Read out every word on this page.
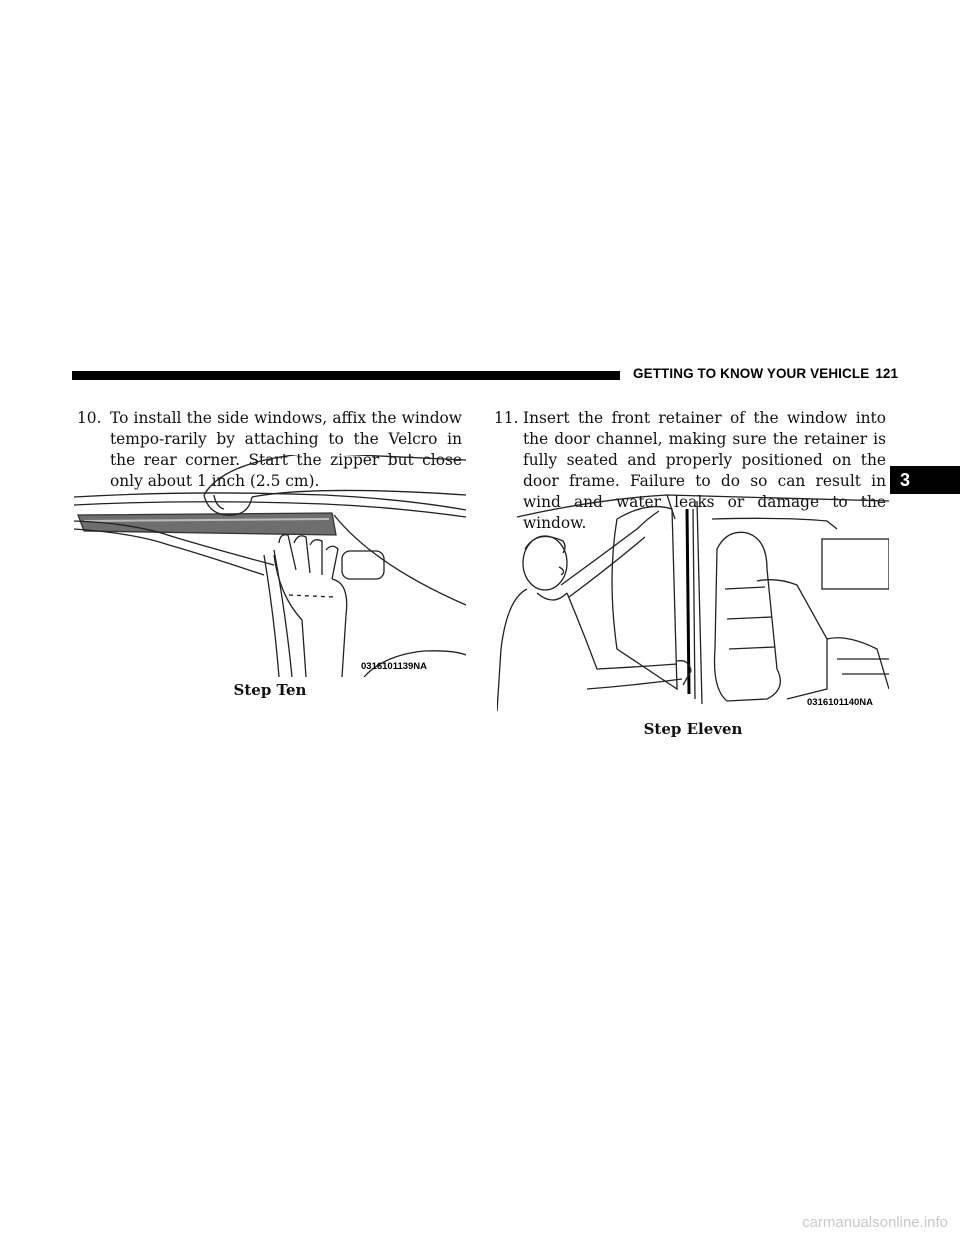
GETTING TO KNOW YOUR VEHICLE 121
3
10. To install the side windows, affix the window tempo-rarily by attaching to the Velcro in the rear corner. Start the zipper but close only about 1 inch (2.5 cm).
11. Insert the front retainer of the window into the door channel, making sure the retainer is fully seated and properly positioned on the door frame. Failure to do so can result in wind and water leaks or damage to the window.
0316101139NA
Step Ten
0316101140NA
Step Eleven
carmanualsonline.info
